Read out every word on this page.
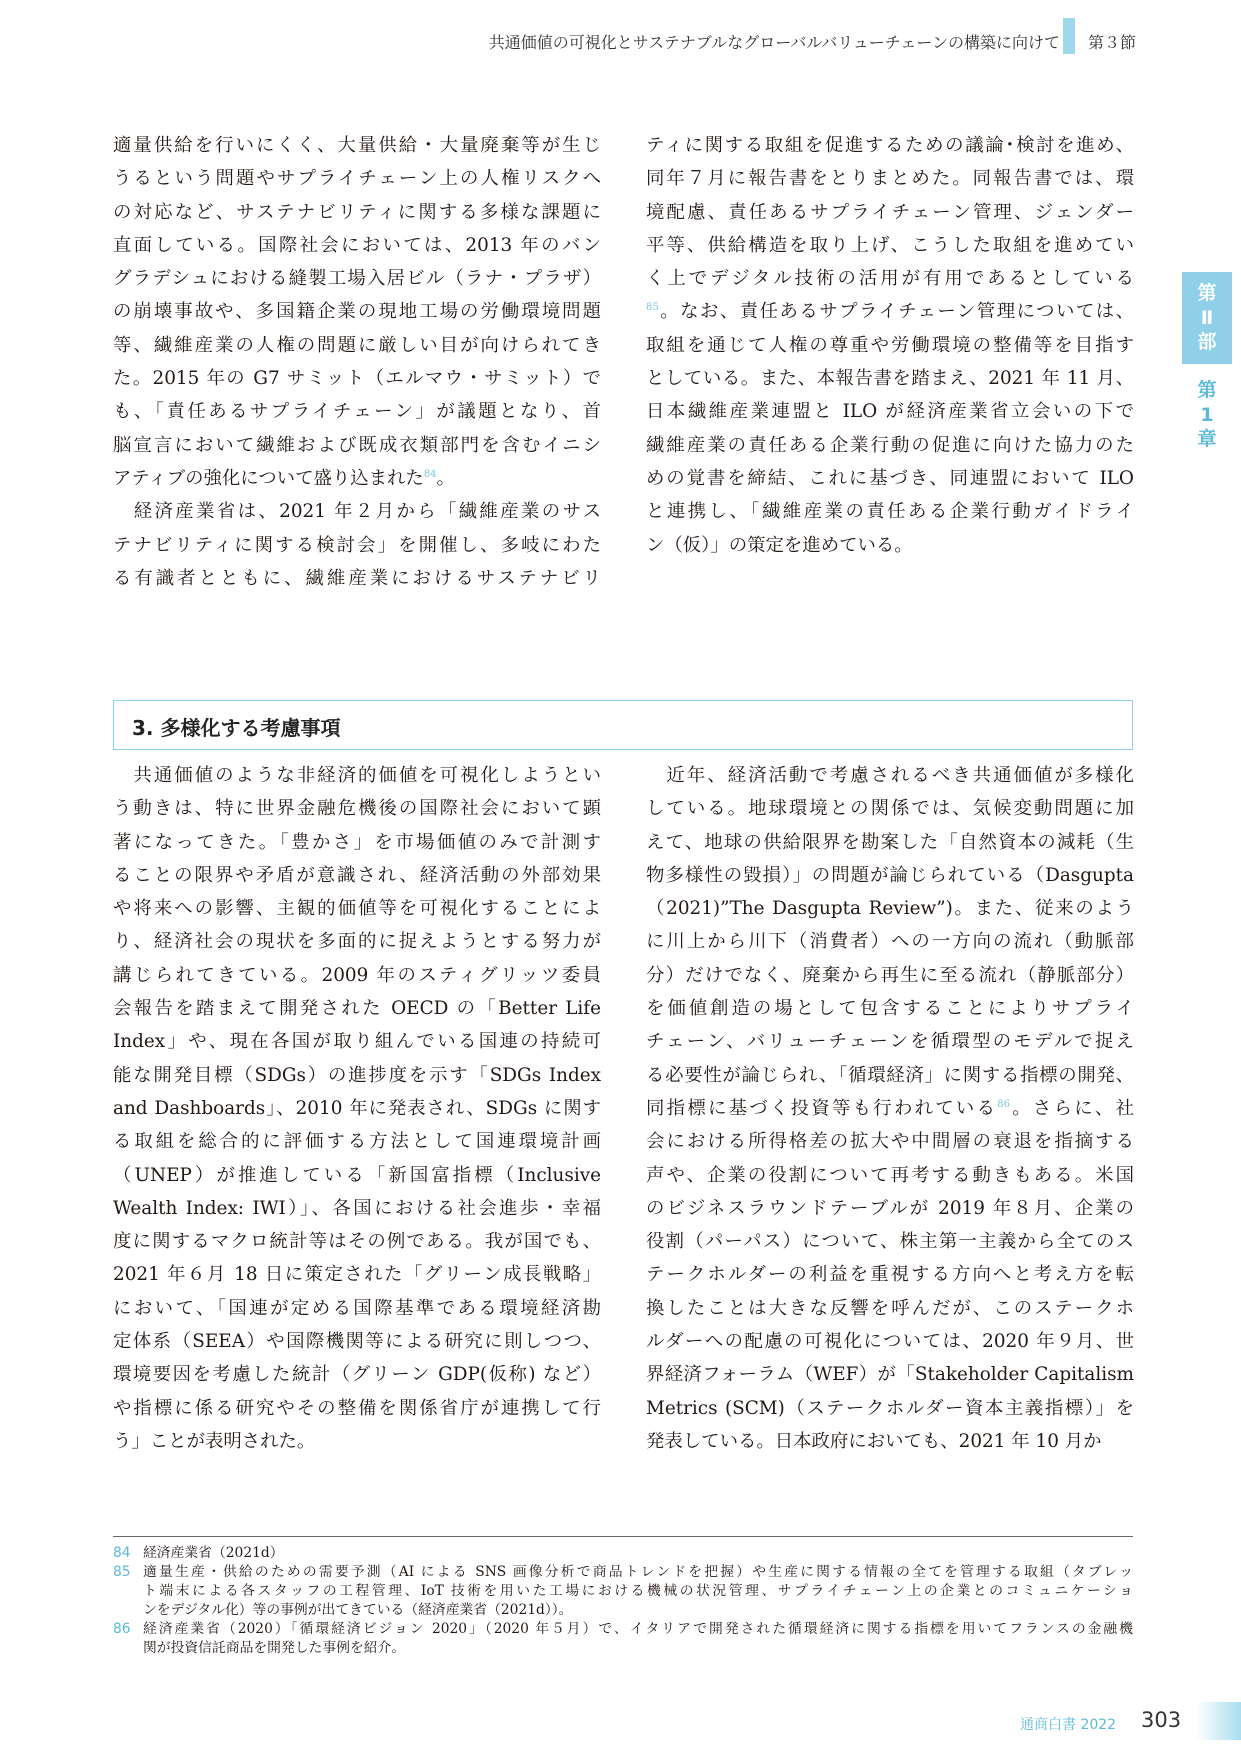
共通価値の可視化とサステナブルなグローバルバリューチェーンの構築に向けて 第３節
第
Ⅱ
部
第
1
章
適量供給を行いにくく、大量供給・大量廃棄等が生じ
うるという問題やサプライチェーン上の人権リスクへ
の対応など、サステナビリティに関する多様な課題に
直面している。国際社会においては、2013 年のバン
グラデシュにおける縫製工場入居ビル（ラナ・プラザ）
の崩壊事故や、多国籍企業の現地工場の労働環境問題
等、繊維産業の人権の問題に厳しい目が向けられてき
た。2015 年の G7 サミット（エルマウ・サミット）で
も、「責任あるサプライチェーン」が議題となり、首
脳宣言において繊維および既成衣類部門を含むイニシ
アティブの強化について盛り込まれた$^{84}$。
　経済産業省は、2021 年２月から「繊維産業のサス
テナビリティに関する検討会」を開催し、多岐にわた
る有識者とともに、繊維産業におけるサステナビリ
ティに関する取組を促進するための議論･検討を進め、
同年７月に報告書をとりまとめた。同報告書では、環
境配慮、責任あるサプライチェーン管理、ジェンダー
平等、供給構造を取り上げ、こうした取組を進めてい
く上でデジタル技術の活用が有用であるとしている
$^{85}$。なお、責任あるサプライチェーン管理については、
取組を通じて人権の尊重や労働環境の整備等を目指す
としている。また、本報告書を踏まえ、2021 年 11 月、
日本繊維産業連盟と ILO が経済産業省立会いの下で
繊維産業の責任ある企業行動の促進に向けた協力のた
めの覚書を締結、これに基づき、同連盟において ILO
と連携し、「繊維産業の責任ある企業行動ガイドライ
ン（仮）」の策定を進めている。
3. 多様化する考慮事項
　共通価値のような非経済的価値を可視化しようとい
う動きは、特に世界金融危機後の国際社会において顕
著になってきた。「豊かさ」を市場価値のみで計測す
ることの限界や矛盾が意識され、経済活動の外部効果
や将来への影響、主観的価値等を可視化することによ
り、経済社会の現状を多面的に捉えようとする努力が
講じられてきている。2009 年のスティグリッツ委員
会報告を踏まえて開発された OECD の「Better Life
Index」や、現在各国が取り組んでいる国連の持続可
能な開発目標（SDGs）の進捗度を示す「SDGs Index
and Dashboards」、2010 年に発表され、SDGs に関す
る取組を総合的に評価する方法として国連環境計画
（UNEP）が推進している「新国富指標（Inclusive
Wealth Index: IWI）」、各国における社会進歩・幸福
度に関するマクロ統計等はその例である。我が国でも、
2021 年６月 18 日に策定された「グリーン成長戦略」
において、「国連が定める国際基準である環境経済勘
定体系（SEEA）や国際機関等による研究に則しつつ、
環境要因を考慮した統計（グリーン GDP(仮称) など）
や指標に係る研究やその整備を関係省庁が連携して行
う」ことが表明された。
　近年、経済活動で考慮されるべき共通価値が多様化
している。地球環境との関係では、気候変動問題に加
えて、地球の供給限界を勘案した「自然資本の減耗（生
物多様性の毀損）」の問題が論じられている（Dasgupta
（2021)”The Dasgupta Review”)。また、従来のよう
に川上から川下（消費者）への一方向の流れ（動脈部
分）だけでなく、廃棄から再生に至る流れ（静脈部分）
を価値創造の場として包含することによりサプライ
チェーン、バリューチェーンを循環型のモデルで捉え
る必要性が論じられ、「循環経済」に関する指標の開発、
同指標に基づく投資等も行われている$^{86}$。さらに、社
会における所得格差の拡大や中間層の衰退を指摘する
声や、企業の役割について再考する動きもある。米国
のビジネスラウンドテーブルが 2019 年８月、企業の
役割（パーパス）について、株主第一主義から全てのス
テークホルダーの利益を重視する方向へと考え方を転
換したことは大きな反響を呼んだが、このステークホ
ルダーへの配慮の可視化については、2020 年９月、世
界経済フォーラム（WEF）が「Stakeholder Capitalism
Metrics (SCM)（ステークホルダー資本主義指標）」を
発表している。日本政府においても、2021 年 10 月か
84 経済産業省（2021d）
85 適量生産・供給のための需要予測（AI による SNS 画像分析で商品トレンドを把握）や生産に関する情報の全てを管理する取組（タブレッ
ト端末による各スタッフの工程管理、IoT 技術を用いた工場における機械の状況管理、サプライチェーン上の企業とのコミュニケーショ
ンをデジタル化）等の事例が出てきている（経済産業省（2021d））。
86 経済産業省（2020）「循環経済ビジョン 2020」（2020 年５月）で、イタリアで開発された循環経済に関する指標を用いてフランスの金融機
関が投資信託商品を開発した事例を紹介。
通商白書 2022 303
